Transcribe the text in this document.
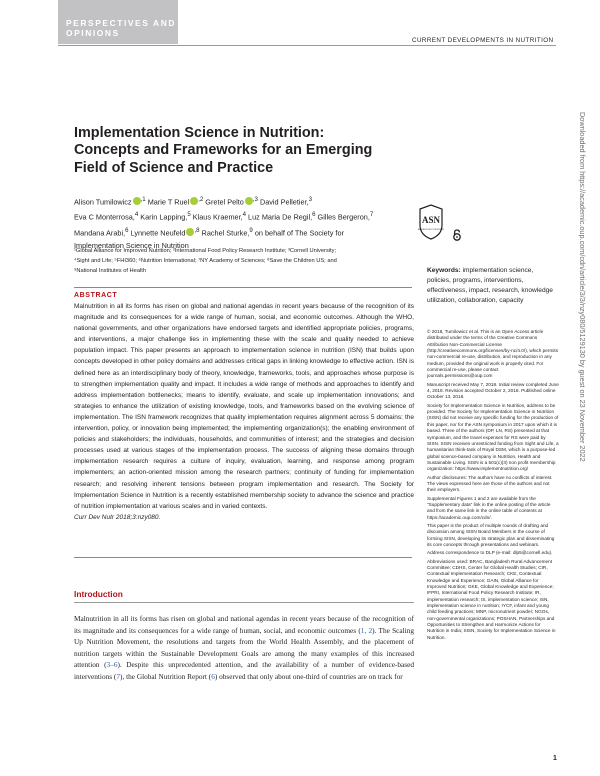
PERSPECTIVES AND
OPINIONS
CURRENT DEVELOPMENTS IN NUTRITION
Downloaded from https://academic.oup.com/cdn/article/3/3/nzy080/5129130 by guest on 23 November 2022
Implementation Science in Nutrition: Concepts and Frameworks for an Emerging Field of Science and Practice
Alison Tumilowicz $^{,1}$ Marie T Ruel $^{,2}$ Gretel Pelto $^{,3}$ David Pelletier,$^3$
Eva C Monterrosa,$^4$ Karin Lapping,$^5$ Klaus Kraemer,$^4$ Luz Maria De Regil,$^6$ Gilles Bergeron,$^7$
Mandana Arabi,$^6$ Lynnette Neufeld $^{,8}$ Rachel Sturke,$^9$ on behalf of The Society for
Implementation Science in Nutrition
¹Global Alliance for Improved Nutrition; ²International Food Policy Research Institute; ³Cornell University;
⁴Sight and Life; ⁵FHI360; ⁶Nutrition International; ⁷NY Academy of Sciences; ⁸Save the Children US; and
⁹National Institutes of Health
ASN
AMERICAN SOCIETY FOR NUTRITION
ABSTRACT
Malnutrition in all its forms has risen on global and national agendas in recent years because of the recognition of its magnitude and its consequences for a wide range of human, social, and economic outcomes. Although the WHO, national governments, and other organizations have endorsed targets and identified appropriate policies, programs, and interventions, a major challenge lies in implementing these with the scale and quality needed to achieve population impact. This paper presents an approach to implementation science in nutrition (ISN) that builds upon concepts developed in other policy domains and addresses critical gaps in linking knowledge to effective action. ISN is defined here as an interdisciplinary body of theory, knowledge, frameworks, tools, and approaches whose purpose is to strengthen implementation quality and impact. It includes a wide range of methods and approaches to identify and address implementation bottlenecks; means to identify, evaluate, and scale up implementation innovations; and strategies to enhance the utilization of existing knowledge, tools, and frameworks based on the evolving science of implementation. The ISN framework recognizes that quality implementation requires alignment across 5 domains: the intervention, policy, or innovation being implemented; the implementing organization(s); the enabling environment of policies and stakeholders; the individuals, households, and communities of interest; and the strategies and decision processes used at various stages of the implementation process. The success of aligning these domains through implementation research requires a culture of inquiry, evaluation, learning, and response among program implementers; an action-oriented mission among the research partners; continuity of funding for implementation research; and resolving inherent tensions between program implementation and research. The Society for Implementation Science in Nutrition is a recently established membership society to advance the science and practice of nutrition implementation at various scales and in varied contexts.
Curr Dev Nutr 2018;3:nzy080.
Introduction
Malnutrition in all its forms has risen on global and national agendas in recent years because of the recognition of its magnitude and its consequences for a wide range of human, social, and economic outcomes (1, 2). The Scaling Up Nutrition Movement, the resolutions and targets from the World Health Assembly, and the placement of nutrition targets within the Sustainable Development Goals are among the many examples of this increased attention (3–6). Despite this unprecedented attention, and the availability of a number of evidence-based interventions (7), the Global Nutrition Report (6) observed that only about one-third of countries are on track for
Keywords: implementation science, policies, programs, interventions, effectiveness, impact, research, knowledge utilization, collaboration, capacity

© 2018, Tumilowicz et al. This is an Open Access article distributed under the terms of the Creative Commons Attribution Non-Commercial License (http://creativecommons.org/licenses/by-nc/4.0/), which permits non-commercial re-use, distribution, and reproduction in any medium, provided the original work is properly cited. For commercial re-use, please contact journals.permissions@oup.com

Manuscript received May 7, 2018. Initial review completed June 4, 2018. Revision accepted October 2, 2018. Published online October 13, 2018.

Society for Implementation Science in Nutrition, address to be provided. The Society for Implementation Science in Nutrition (SISN) did not receive any specific funding for the production of this paper, nor for the ASN symposium in 2017 upon which it is based. Three of the authors (DP, LN, RS) presented at that symposium, and the travel expenses for RS were paid by SISN. SISN receives unrestricted funding from Sight and Life, a humanitarian think-tank of Royal DSM, which is a purpose-led global science-based company in Nutrition, Health and Sustainable Living. SISN is a 501(c)(3) non profit membership organization: https://www.implementnutrition.org/

Author disclosures: The authors have no conflicts of interest. The views expressed here are those of the authors and not their employers.

Supplemental Figures 1 and 2 are available from the "Supplementary data" link in the online posting of the article and from the same link in the online table of contents at https://academic.oup.com/cdn/.

This paper is the product of multiple rounds of drafting and discussion among SISN Board Members in the course of forming SISN, developing its strategic plan and disseminating its core concepts through presentations and webinars.

Address correspondence to DLP (e-mail: dlp5@cornell.edu).

Abbreviations used: BRAC, Bangladesh Rural Advancement Committee; CDHS, Center for Global Health Studies; CIR, Contextual Implementation Research; CKE, Contextual Knowledge and Experience; GAIN, Global Alliance for Improved Nutrition; GKE, Global Knowledge and Experience; IFPRI, International Food Policy Research Institute; IR, implementation research; IS, implementation science; ISN, implementation science in nutrition; IYCF, infant and young child feeding practices; MNP, micronutrient powder; NGOs, non-governmental organizations; POSHAN, Partnerships and Opportunities to Strengthen and Harmonize Actions for Nutrition in India; SISN, Society for Implementation Science in Nutrition.

1
